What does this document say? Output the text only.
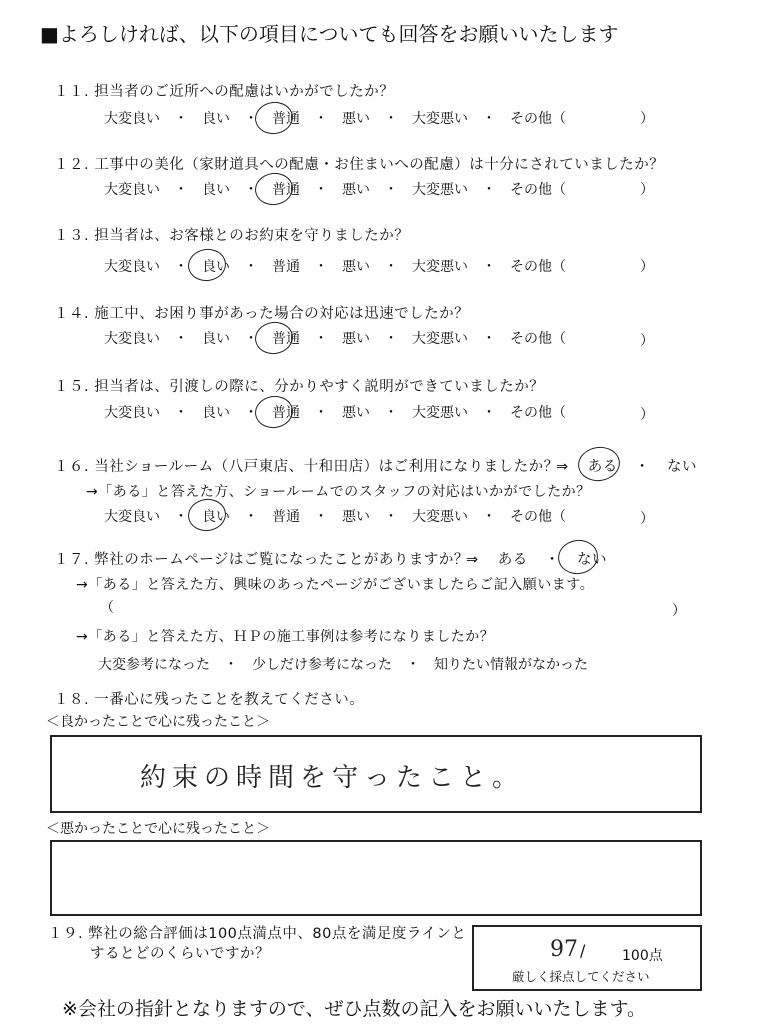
■よろしければ、以下の項目についても回答をお願いいたします
１１. 担当者のご近所への配慮はいかがでしたか？
大変良い ・ 良い ・ 普通 ・ 悪い ・ 大変悪い ・ その他（	）
１２. 工事中の美化（家財道具への配慮・お住まいへの配慮）は十分にされていましたか？
大変良い ・ 良い ・ 普通 ・ 悪い ・ 大変悪い ・ その他（	）
１３. 担当者は、お客様とのお約束を守りましたか？
大変良い ・ 良い ・ 普通 ・ 悪い ・ 大変悪い ・ その他（	）
１４. 施工中、お困り事があった場合の対応は迅速でしたか？
大変良い ・ 良い ・ 普通 ・ 悪い ・ 大変悪い ・ その他（	）
１５. 担当者は、引渡しの際に、分かりやすく説明ができていましたか？
大変良い ・ 良い ・ 普通 ・ 悪い ・ 大変悪い ・ その他（	）
１６. 当社ショールーム（八戸東店、十和田店）はご利用になりましたか？
⇒ ある ・ ない
→「ある」と答えた方、ショールームでのスタッフの対応はいかがでしたか？
大変良い ・ 良い ・ 普通 ・ 悪い ・ 大変悪い ・ その他（	）
１７. 弊社のホームページはご覧になったことがありますか？
⇒ ある ・ ない
→「ある」と答えた方、興味のあったページがございましたらご記入願います。
（	）
→「ある」と答えた方、ＨＰの施工事例は参考になりましたか？
大変参考になった ・ 少しだけ参考になった ・ 知りたい情報がなかった
１８. 一番心に残ったことを教えてください。
＜良かったことで心に残ったこと＞
約束の時間を守ったこと。
＜悪かったことで心に残ったこと＞
１９. 弊社の総合評価は100点満点中、80点を満足度ラインと
するとどのくらいですか？	97 /	100点
厳しく採点してください
※会社の指針となりますので、ぜひ点数の記入をお願いいたします。
